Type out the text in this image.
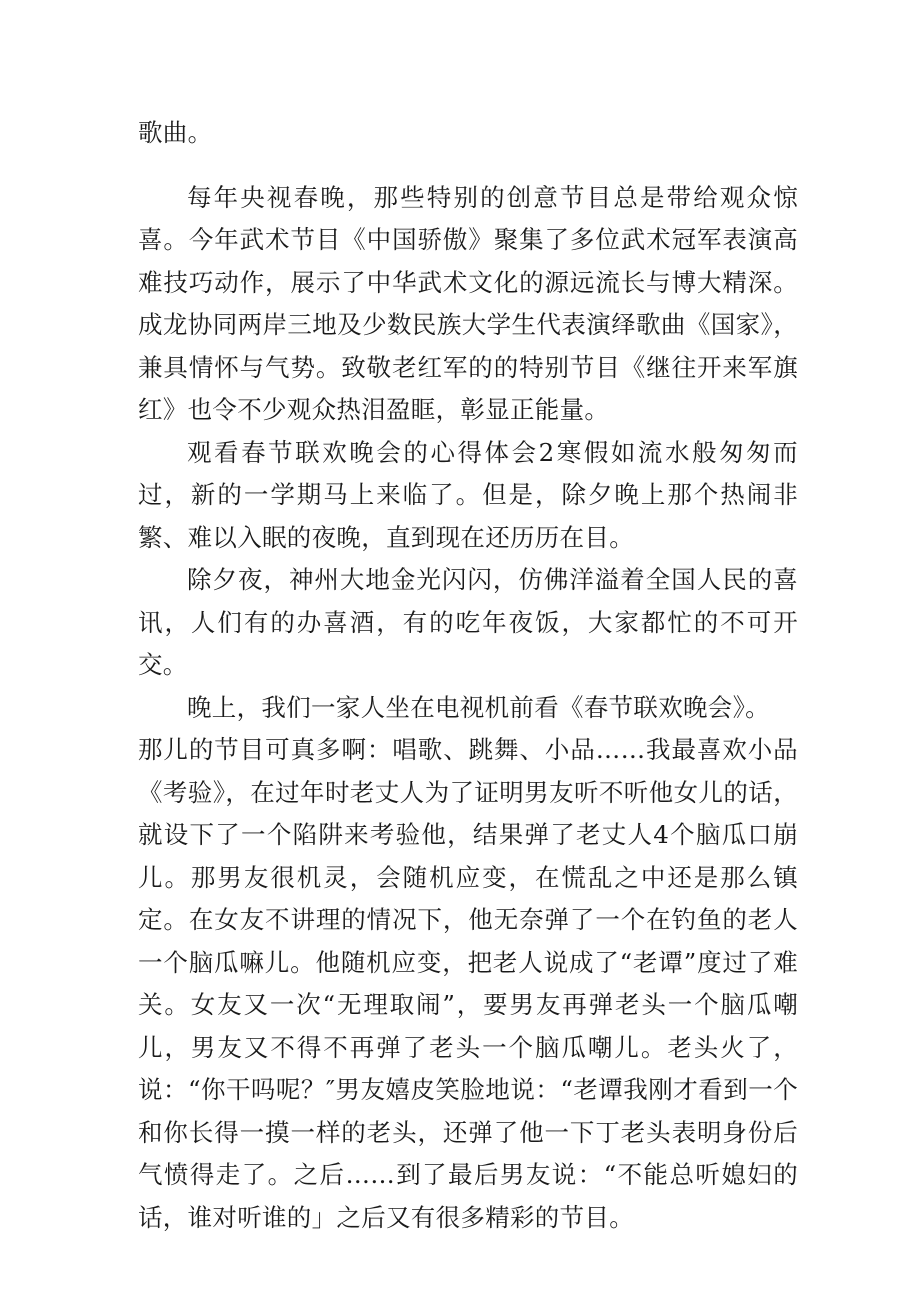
歌曲。

每年央视春晚，那些特别的创意节目总是带给观众惊喜。今年武术节目《中国骄傲》聚集了多位武术冠军表演高难技巧动作，展示了中华武术文化的源远流长与博大精深。成龙协同两岸三地及少数民族大学生代表演绎歌曲《国家》，兼具情怀与气势。致敬老红军的的特别节目《继往开来军旗红》也令不少观众热泪盈眶，彰显正能量。

观看春节联欢晚会的心得体会2寒假如流水般匆匆而过，新的一学期马上来临了。但是，除夕晚上那个热闹非繁、难以入眠的夜晚，直到现在还历历在目。

除夕夜，神州大地金光闪闪，仿佛洋溢着全国人民的喜讯，人们有的办喜酒，有的吃年夜饭，大家都忙的不可开交。

晚上，我们一家人坐在电视机前看《春节联欢晚会》。

那儿的节目可真多啊：唱歌、跳舞、小品……我最喜欢小品《考验》，在过年时老丈人为了证明男友听不听他女儿的话，就设下了一个陷阱来考验他，结果弹了老丈人4个脑瓜口崩儿。那男友很机灵，会随机应变，在慌乱之中还是那么镇定。在女友不讲理的情况下，他无奈弹了一个在钓鱼的老人一个脑瓜嘛儿。他随机应变，把老人说成了“老谭”度过了难关。女友又一次“无理取闹”，要男友再弹老头一个脑瓜嘲儿，男友又不得不再弹了老头一个脑瓜嘲儿。老头火了，说：“你干吗呢？″男友嬉皮笑脸地说：“老谭我刚才看到一个和你长得一摸一样的老头，还弹了他一下丁老头表明身份后气愤得走了。之后……到了最后男友说：“不能总听媳妇的话，谁对听谁的」之后又有很多精彩的节目。
